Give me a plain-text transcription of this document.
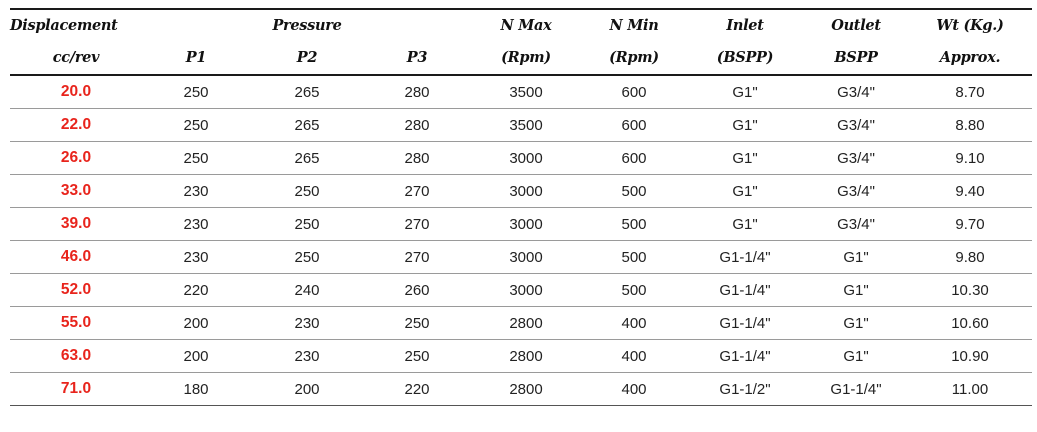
Displacement		Pressure		N Max	N Min	Inlet	Outlet	Wt (Kg.)
cc/rev	P1	P2	P3	(Rpm)	(Rpm)	(BSPP)	BSPP	Approx.
20.0	250	265	280	3500	600	G1"	G3/4"	8.70
22.0	250	265	280	3500	600	G1"	G3/4"	8.80
26.0	250	265	280	3000	600	G1"	G3/4"	9.10
33.0	230	250	270	3000	500	G1"	G3/4"	9.40
39.0	230	250	270	3000	500	G1"	G3/4"	9.70
46.0	230	250	270	3000	500	G1-1/4"	G1"	9.80
52.0	220	240	260	3000	500	G1-1/4"	G1"	10.30
55.0	200	230	250	2800	400	G1-1/4"	G1"	10.60
63.0	200	230	250	2800	400	G1-1/4"	G1"	10.90
71.0	180	200	220	2800	400	G1-1/2"	G1-1/4"	11.00
